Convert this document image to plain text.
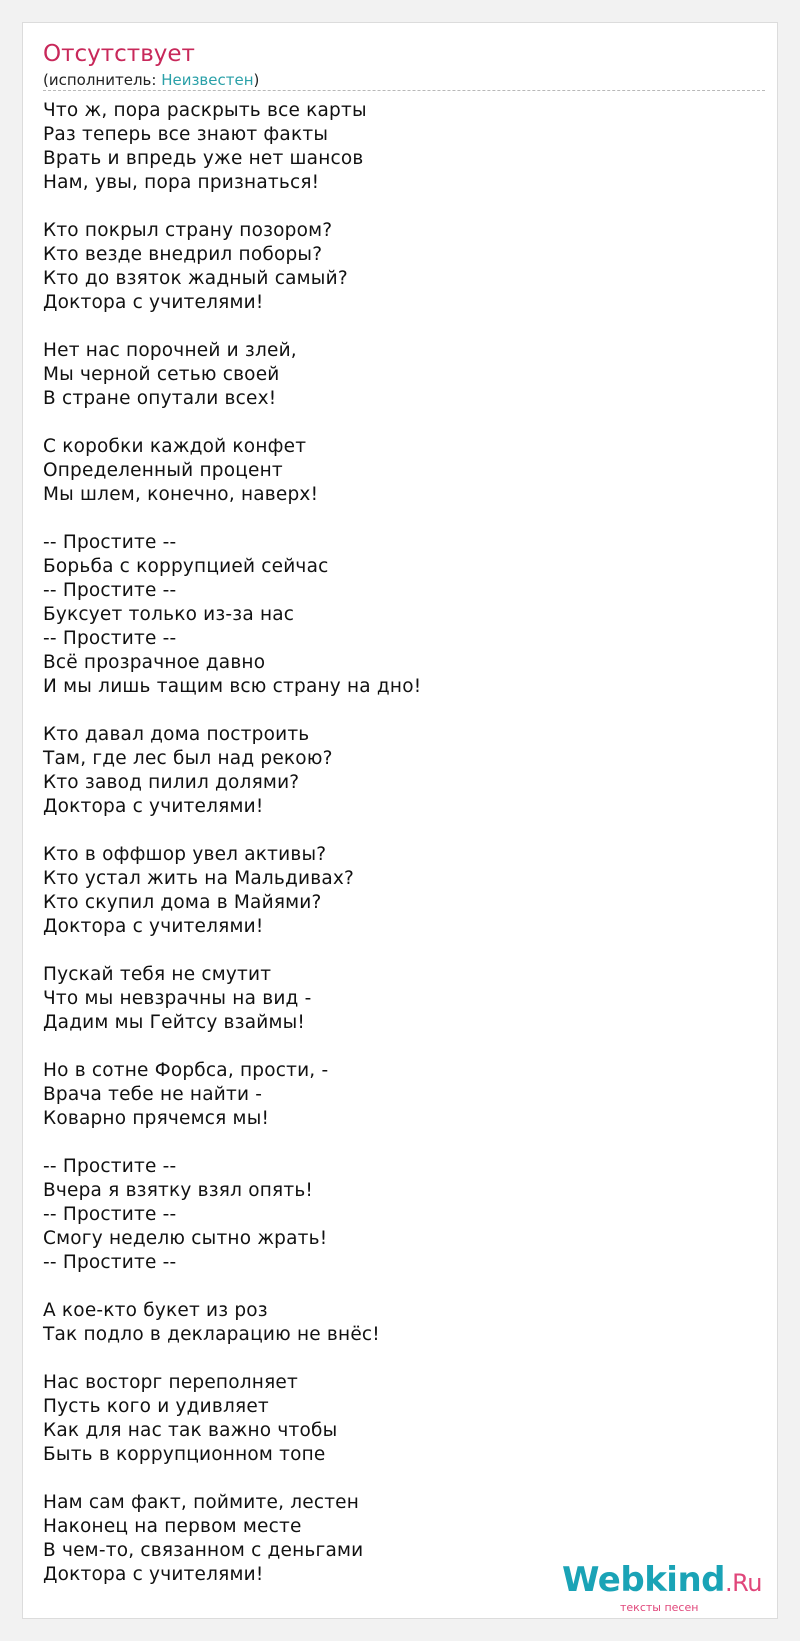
Отсутствует
(исполнитель: Неизвестен)
Что ж, пора раскрыть все карты
Раз теперь все знают факты
Врать и впредь уже нет шансов
Нам, увы, пора признаться!
Кто покрыл страну позором?
Кто везде внедрил поборы?
Кто до взяток жадный самый?
Доктора с учителями!
Нет нас порочней и злей,
Мы черной сетью своей
В стране опутали всех!
С коробки каждой конфет
Определенный процент
Мы шлем, конечно, наверх!
-- Простите --
Борьба с коррупцией сейчас
-- Простите --
Буксует только из-за нас
-- Простите --
Всё прозрачное давно
И мы лишь тащим всю страну на дно!
Кто давал дома построить
Там, где лес был над рекою?
Кто завод пилил долями?
Доктора с учителями!
Кто в оффшор увел активы?
Кто устал жить на Мальдивах?
Кто скупил дома в Майями?
Доктора с учителями!
Пускай тебя не смутит
Что мы невзрачны на вид -
Дадим мы Гейтсу взаймы!
Но в сотне Форбса, прости, -
Врача тебе не найти -
Коварно прячемся мы!
-- Простите --
Вчера я взятку взял опять!
-- Простите --
Смогу неделю сытно жрать!
-- Простите --
А кое-кто букет из роз
Так подло в декларацию не внёс!
Нас восторг переполняет
Пусть кого и удивляет
Как для нас так важно чтобы
Быть в коррупционном топе
Нам сам факт, поймите, лестен
Наконец на первом месте
В чем-то, связанном с деньгами
Доктора с учителями!	Webkind.Ru
тексты песен
